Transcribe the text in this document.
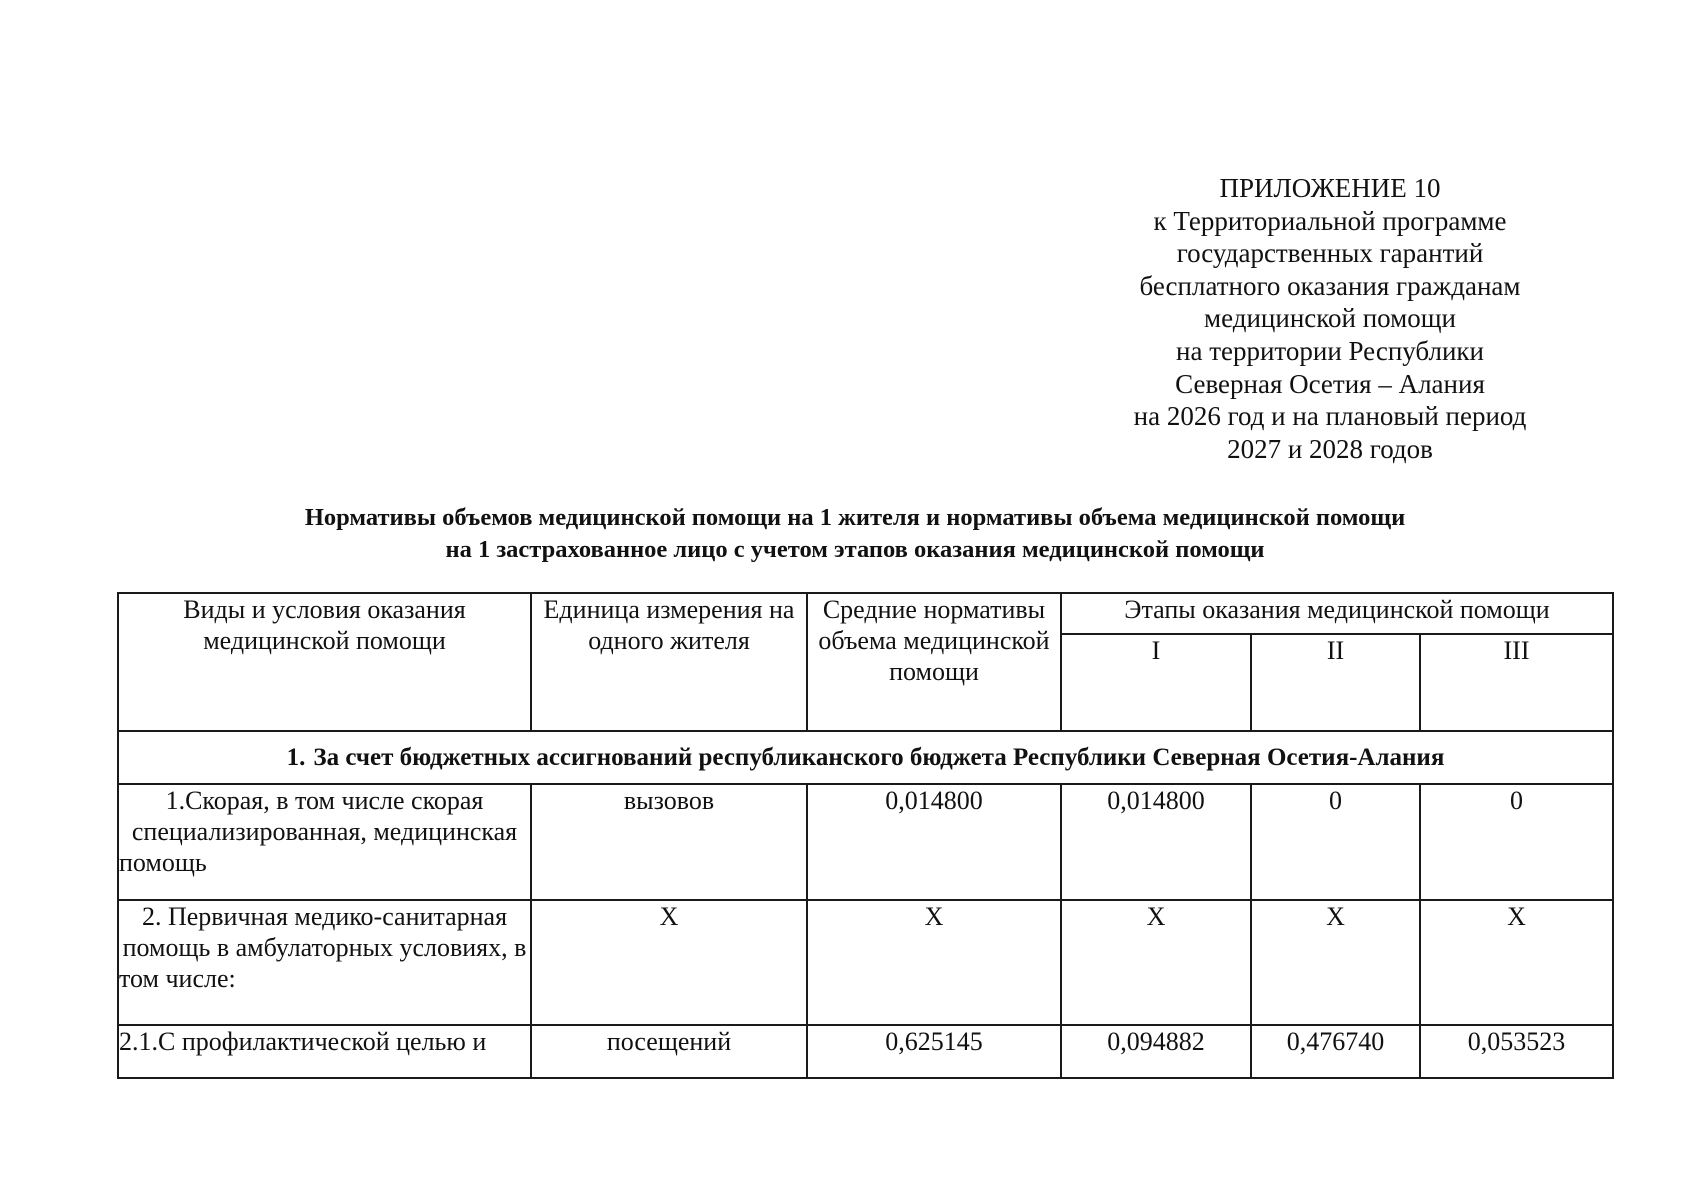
ПРИЛОЖЕНИЕ 10
к Территориальной программе
государственных гарантий
бесплатного оказания гражданам
медицинской помощи
на территории Республики
Северная Осетия – Алания
на 2026 год и на плановый период
2027 и 2028 годов
Нормативы объемов медицинской помощи на 1 жителя и нормативы объема медицинской помощи
на 1 застрахованное лицо с учетом этапов оказания медицинской помощи
Виды и условия оказания медицинской помощи	Единица измерения на одного жителя	Средние нормативы объема медицинской помощи	Этапы оказания медицинской помощи		
			I	II	III
1. За счет бюджетных ассигнований республиканского бюджета Республики Северная Осетия-Алания					
1.Скорая, в том числе скорая специализированная, медицинская помощь	вызовов	0,014800	0,014800	0	0
2. Первичная медико-санитарная помощь в амбулаторных условиях, в том числе:	Х	Х	Х	Х	Х
2.1.С профилактической целью и	посещений	0,625145	0,094882	0,476740	0,053523
